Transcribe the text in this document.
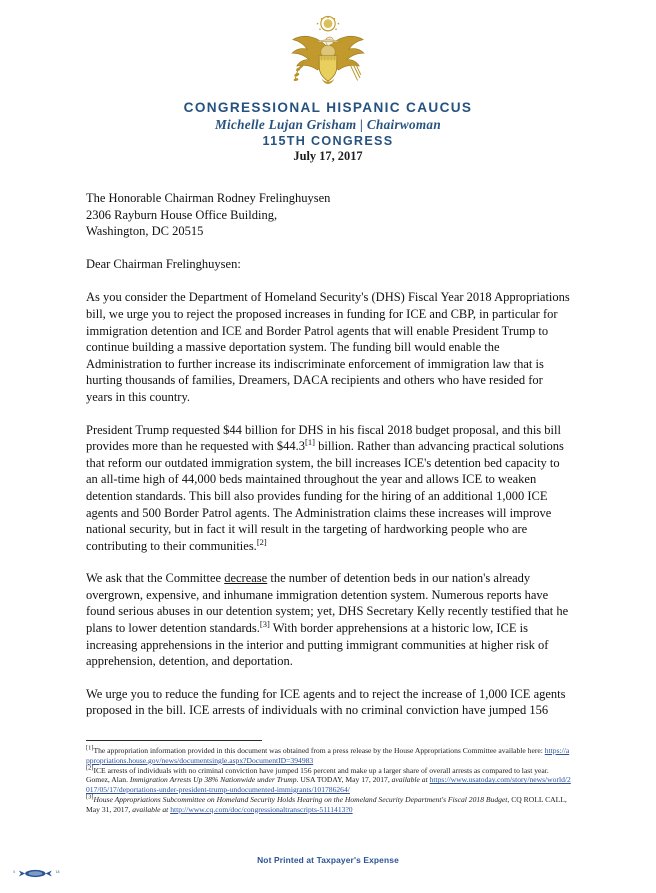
CONGRESSIONAL HISPANIC CAUCUS
Michelle Lujan Grisham | Chairwoman
115TH CONGRESS
July 17, 2017
The Honorable Chairman Rodney Frelinghuysen
2306 Rayburn House Office Building,
Washington, DC 20515
Dear Chairman Frelinghuysen:

As you consider the Department of Homeland Security's (DHS) Fiscal Year 2018 Appropriations bill, we urge you to reject the proposed increases in funding for ICE and CBP, in particular for immigration detention and ICE and Border Patrol agents that will enable President Trump to continue building a massive deportation system. The funding bill would enable the Administration to further increase its indiscriminate enforcement of immigration law that is hurting thousands of families, Dreamers, DACA recipients and others who have resided for years in this country.

President Trump requested $44 billion for DHS in his fiscal 2018 budget proposal, and this bill provides more than he requested with $44.3[1] billion. Rather than advancing practical solutions that reform our outdated immigration system, the bill increases ICE's detention bed capacity to an all-time high of 44,000 beds maintained throughout the year and allows ICE to weaken detention standards. This bill also provides funding for the hiring of an additional 1,000 ICE agents and 500 Border Patrol agents. The Administration claims these increases will improve national security, but in fact it will result in the targeting of hardworking people who are contributing to their communities.[2]

We ask that the Committee decrease the number of detention beds in our nation's already overgrown, expensive, and inhumane immigration detention system. Numerous reports have found serious abuses in our detention system; yet, DHS Secretary Kelly recently testified that he plans to lower detention standards.[3] With border apprehensions at a historic low, ICE is increasing apprehensions in the interior and putting immigrant communities at higher risk of apprehension, detention, and deportation.

We urge you to reduce the funding for ICE agents and to reject the increase of 1,000 ICE agents proposed in the bill. ICE arrests of individuals with no criminal conviction have jumped 156

[1]The appropriation information provided in this document was obtained from a press release by the House Appropriations Committee available here: https://appropriations.house.gov/news/documentsingle.aspx?DocumentID=394983
[2]ICE arrests of individuals with no criminal conviction have jumped 156 percent and make up a larger share of overall arrests as compared to last year. Gomez, Alan. Immigration Arrests Up 38% Nationwide under Trump. USA TODAY, May 17, 2017, available at https://www.usatoday.com/story/news/world/2017/05/17/deportations-under-president-trump-undocumented-immigrants/101786264/
[3]House Appropriations Subcommittee on Homeland Security Holds Hearing on the Homeland Security Department's Fiscal 2018 Budget, CQ ROLL CALL, May 31, 2017, available at http://www.cq.com/doc/congressionaltranscripts-5111413?0
Not Printed at Taxpayer's Expense
18
0
